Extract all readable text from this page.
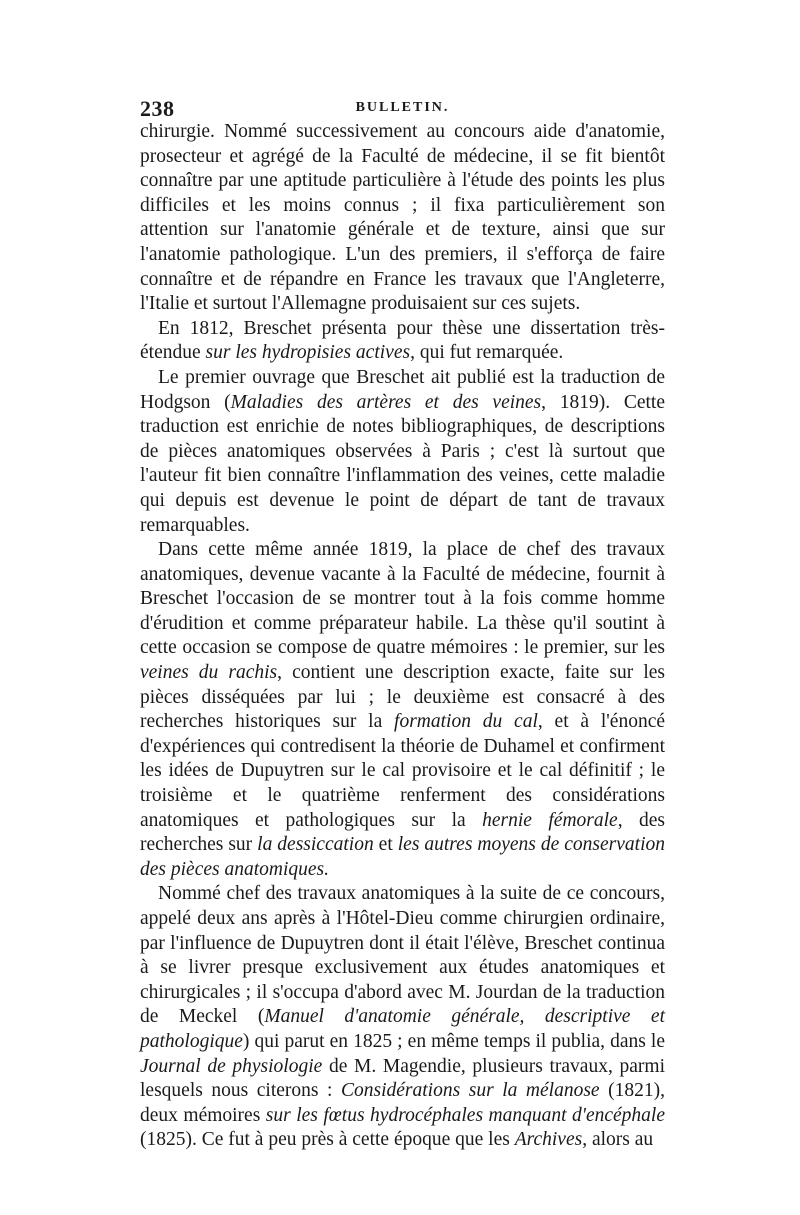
238	BULLETIN.

chirurgie. Nommé successivement au concours aide d'anatomie, prosecteur et agrégé de la Faculté de médecine, il se fit bientôt connaître par une aptitude particulière à l'étude des points les plus difficiles et les moins connus ; il fixa particulièrement son attention sur l'anatomie générale et de texture, ainsi que sur l'anatomie pathologique. L'un des premiers, il s'efforça de faire connaître et de répandre en France les travaux que l'Angleterre, l'Italie et surtout l'Allemagne produisaient sur ces sujets.

En 1812, Breschet présenta pour thèse une dissertation très-étendue sur les hydropisies actives, qui fut remarquée.

Le premier ouvrage que Breschet ait publié est la traduction de Hodgson (Maladies des artères et des veines, 1819). Cette traduction est enrichie de notes bibliographiques, de descriptions de pièces anatomiques observées à Paris ; c'est là surtout que l'auteur fit bien connaître l'inflammation des veines, cette maladie qui depuis est devenue le point de départ de tant de travaux remarquables.

Dans cette même année 1819, la place de chef des travaux anatomiques, devenue vacante à la Faculté de médecine, fournit à Breschet l'occasion de se montrer tout à la fois comme homme d'érudition et comme préparateur habile. La thèse qu'il soutint à cette occasion se compose de quatre mémoires : le premier, sur les veines du rachis, contient une description exacte, faite sur les pièces disséquées par lui ; le deuxième est consacré à des recherches historiques sur la formation du cal, et à l'énoncé d'expériences qui contredisent la théorie de Duhamel et confirment les idées de Dupuytren sur le cal provisoire et le cal définitif ; le troisième et le quatrième renferment des considérations anatomiques et pathologiques sur la hernie fémorale, des recherches sur la dessiccation et les autres moyens de conservation des pièces anatomiques.

Nommé chef des travaux anatomiques à la suite de ce concours, appelé deux ans après à l'Hôtel-Dieu comme chirurgien ordinaire, par l'influence de Dupuytren dont il était l'élève, Breschet continua à se livrer presque exclusivement aux études anatomiques et chirurgicales ; il s'occupa d'abord avec M. Jourdan de la traduction de Meckel (Manuel d'anatomie générale, descriptive et pathologique) qui parut en 1825 ; en même temps il publia, dans le Journal de physiologie de M. Magendie, plusieurs travaux, parmi lesquels nous citerons : Considérations sur la mélanose (1821), deux mémoires sur les fœtus hydrocéphales manquant d'encéphale (1825). Ce fut à peu près à cette époque que les Archives, alors au
